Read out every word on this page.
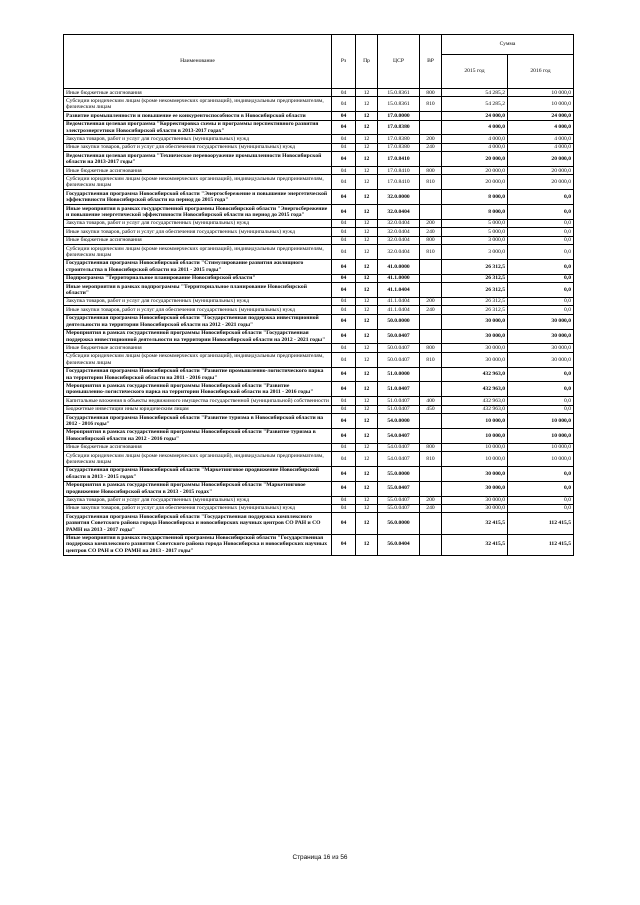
Наименование	Рз	Пр	ЦСР	ВР	Сумма	
					2015 год	2016 год
Иные бюджетные ассигнования	04	12	15.0.8361	800	54 285,2	10 000,0
Субсидии юридическим лицам (кроме некоммерческих организаций), индивидуальным предпринимателям, физическим лицам	04	12	15.0.8361	810	54 285,2	10 000,0
Развитие промышленности и повышение ее конкурентоспособности в Новосибирской области	04	12	17.0.0000		24 000,0	24 000,0
Ведомственная целевая программа "Корректировка схемы и программы перспективного развития электроэнергетики Новосибирской области в 2013-2017 годах"	04	12	17.0.8380		4 000,0	4 000,0
Закупка товаров, работ и услуг для государственных (муниципальных) нужд	04	12	17.0.8380	200	4 000,0	4 000,0
Иные закупки товаров, работ и услуг для обеспечения государственных (муниципальных) нужд	04	12	17.0.8380	240	4 000,0	4 000,0
Ведомственная целевая программа "Техническое перевооружение промышленности Новосибирской области на 2013-2017 годы"	04	12	17.0.8410		20 000,0	20 000,0
Иные бюджетные ассигнования	04	12	17.0.8410	800	20 000,0	20 000,0
Субсидии юридическим лицам (кроме некоммерческих организаций), индивидуальным предпринимателям, физическим лицам	04	12	17.0.8410	810	20 000,0	20 000,0
Государственная программа Новосибирской области "Энергосбережение и повышение энергетической эффективности Новосибирской области на период до 2015 года"	04	12	32.0.0000		8 000,0	0,0
Иные мероприятия в рамках государственной программы Новосибирской области "Энергосбережение и повышение энергетической эффективности Новосибирской области на период до 2015 года"	04	12	32.0.0404		8 000,0	0,0
Закупка товаров, работ и услуг для государственных (муниципальных) нужд	04	12	32.0.0404	200	5 000,0	0,0
Иные закупки товаров, работ и услуг для обеспечения государственных (муниципальных) нужд	04	12	32.0.0404	240	5 000,0	0,0
Иные бюджетные ассигнования	04	12	32.0.0404	800	3 000,0	0,0
Субсидии юридическим лицам (кроме некоммерческих организаций), индивидуальным предпринимателям, физическим лицам	04	12	32.0.0404	810	3 000,0	0,0
Государственная программа Новосибирской области "Стимулирование развития жилищного строительства в Новосибирской области на 2011 - 2015 годы"	04	12	41.0.0000		26 312,5	0,0
Подпрограмма "Территориальное планирование Новосибирской области"	04	12	41.1.0000		26 312,5	0,0
Иные мероприятия в рамках подпрограммы "Территориальное планирование Новосибирской области"	04	12	41.1.0404		26 312,5	0,0
Закупка товаров, работ и услуг для государственных (муниципальных) нужд	04	12	41.1.0404	200	26 312,5	0,0
Иные закупки товаров, работ и услуг для обеспечения государственных (муниципальных) нужд	04	12	41.1.0404	240	26 312,5	0,0
Государственная программа Новосибирской области "Государственная поддержка инвестиционной деятельности на территории Новосибирской области на 2012 - 2021 годы"	04	12	50.0.0000		30 000,0	30 000,0
Мероприятия в рамках государственной программы Новосибирской области "Государственная поддержка инвестиционной деятельности на территории Новосибирской области на 2012 - 2021 годы"	04	12	50.0.0407		30 000,0	30 000,0
Иные бюджетные ассигнования	04	12	50.0.0407	800	30 000,0	30 000,0
Субсидии юридическим лицам (кроме некоммерческих организаций), индивидуальным предпринимателям, физическим лицам	04	12	50.0.0407	810	30 000,0	30 000,0
Государственная программа Новосибирской области "Развитие промышленно-логистического парка на территории Новосибирской области на 2011 - 2016 годы"	04	12	51.0.0000		432 963,0	0,0
Мероприятия в рамках государственной программы Новосибирской области "Развитие промышленно-логистического парка на территории Новосибирской области на 2011 - 2016 годы"	04	12	51.0.0407		432 963,0	0,0
Капитальные вложения в объекты недвижимого имущества государственной (муниципальной) собственности	04	12	51.0.0407	400	432 963,0	0,0
Бюджетные инвестиции иным юридическим лицам	04	12	51.0.0407	450	432 963,0	0,0
Государственная программа Новосибирской области "Развитие туризма в Новосибирской области на 2012 - 2016 годы"	04	12	54.0.0000		10 000,0	10 000,0
Мероприятия в рамках государственной программы Новосибирской области "Развитие туризма в Новосибирской области на 2012 - 2016 годы"	04	12	54.0.0407		10 000,0	10 000,0
Иные бюджетные ассигнования	04	12	54.0.0407	800	10 000,0	10 000,0
Субсидии юридическим лицам (кроме некоммерческих организаций), индивидуальным предпринимателям, физическим лицам	04	12	54.0.0407	810	10 000,0	10 000,0
Государственная программа Новосибирской области "Маркетинговое продвижение Новосибирской области в 2013 - 2015 годах"	04	12	55.0.0000		30 000,0	0,0
Мероприятия в рамках государственной программы Новосибирской области "Маркетинговое продвижение Новосибирской области в 2013 - 2015 годах"	04	12	55.0.0407		30 000,0	0,0
Закупка товаров, работ и услуг для государственных (муниципальных) нужд	04	12	55.0.0407	200	30 000,0	0,0
Иные закупки товаров, работ и услуг для обеспечения государственных (муниципальных) нужд	04	12	55.0.0407	240	30 000,0	0,0
Государственная программа Новосибирской области "Государственная поддержка комплексного развития Советского района города Новосибирска и новосибирских научных центров СО РАН и СО РАМН на 2013 - 2017 годы"	04	12	56.0.0000		32 415,5	112 415,5
Иные мероприятия в рамках государственной программы Новосибирской области "Государственная поддержка комплексного развития Советского района города Новосибирска и новосибирских научных центров СО РАН и СО РАМН на 2013 - 2017 годы"	04	12	56.0.0404		32 415,5	112 415,5
Страница 16 из 56
